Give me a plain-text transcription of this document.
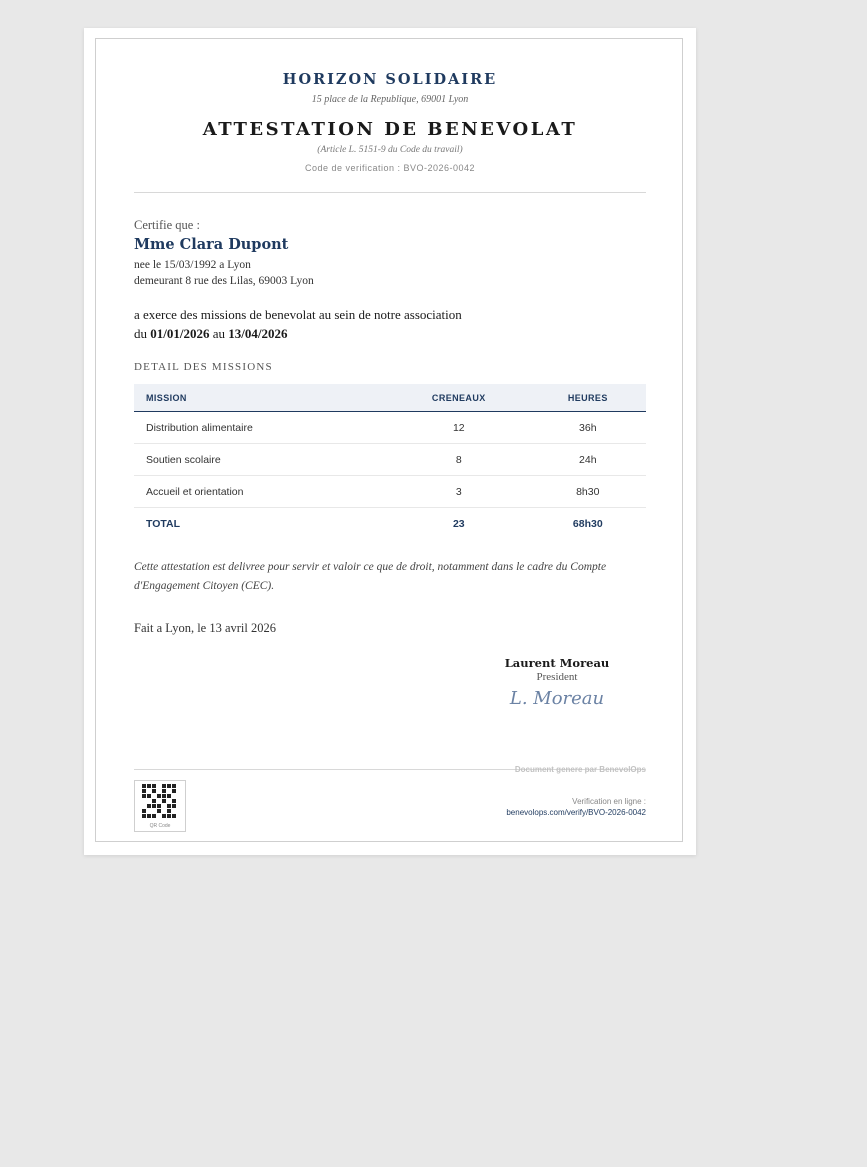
HORIZON SOLIDAIRE
15 place de la Republique, 69001 Lyon
ATTESTATION DE BENEVOLAT
(Article L. 5151-9 du Code du travail)
Code de verification : BVO-2026-0042
Certifie que :
Mme Clara Dupont
nee le 15/03/1992 a Lyon
demeurant 8 rue des Lilas, 69003 Lyon
a exerce des missions de benevolat au sein de notre association
du 01/01/2026 au 13/04/2026
DETAIL DES MISSIONS
MISSION	CRENEAUX	HEURES
Distribution alimentaire	12	36h
Soutien scolaire	8	24h
Accueil et orientation	3	8h30
TOTAL	23	68h30
Cette attestation est delivree pour servir et valoir ce que de droit, notamment dans le cadre du Compte d'Engagement Citoyen (CEC).
Fait a Lyon, le 13 avril 2026
Laurent Moreau
President
L. Moreau
Document genere par BenevolOps
QR Code
Verification en ligne :
benevolops.com/verify/BVO-2026-0042
